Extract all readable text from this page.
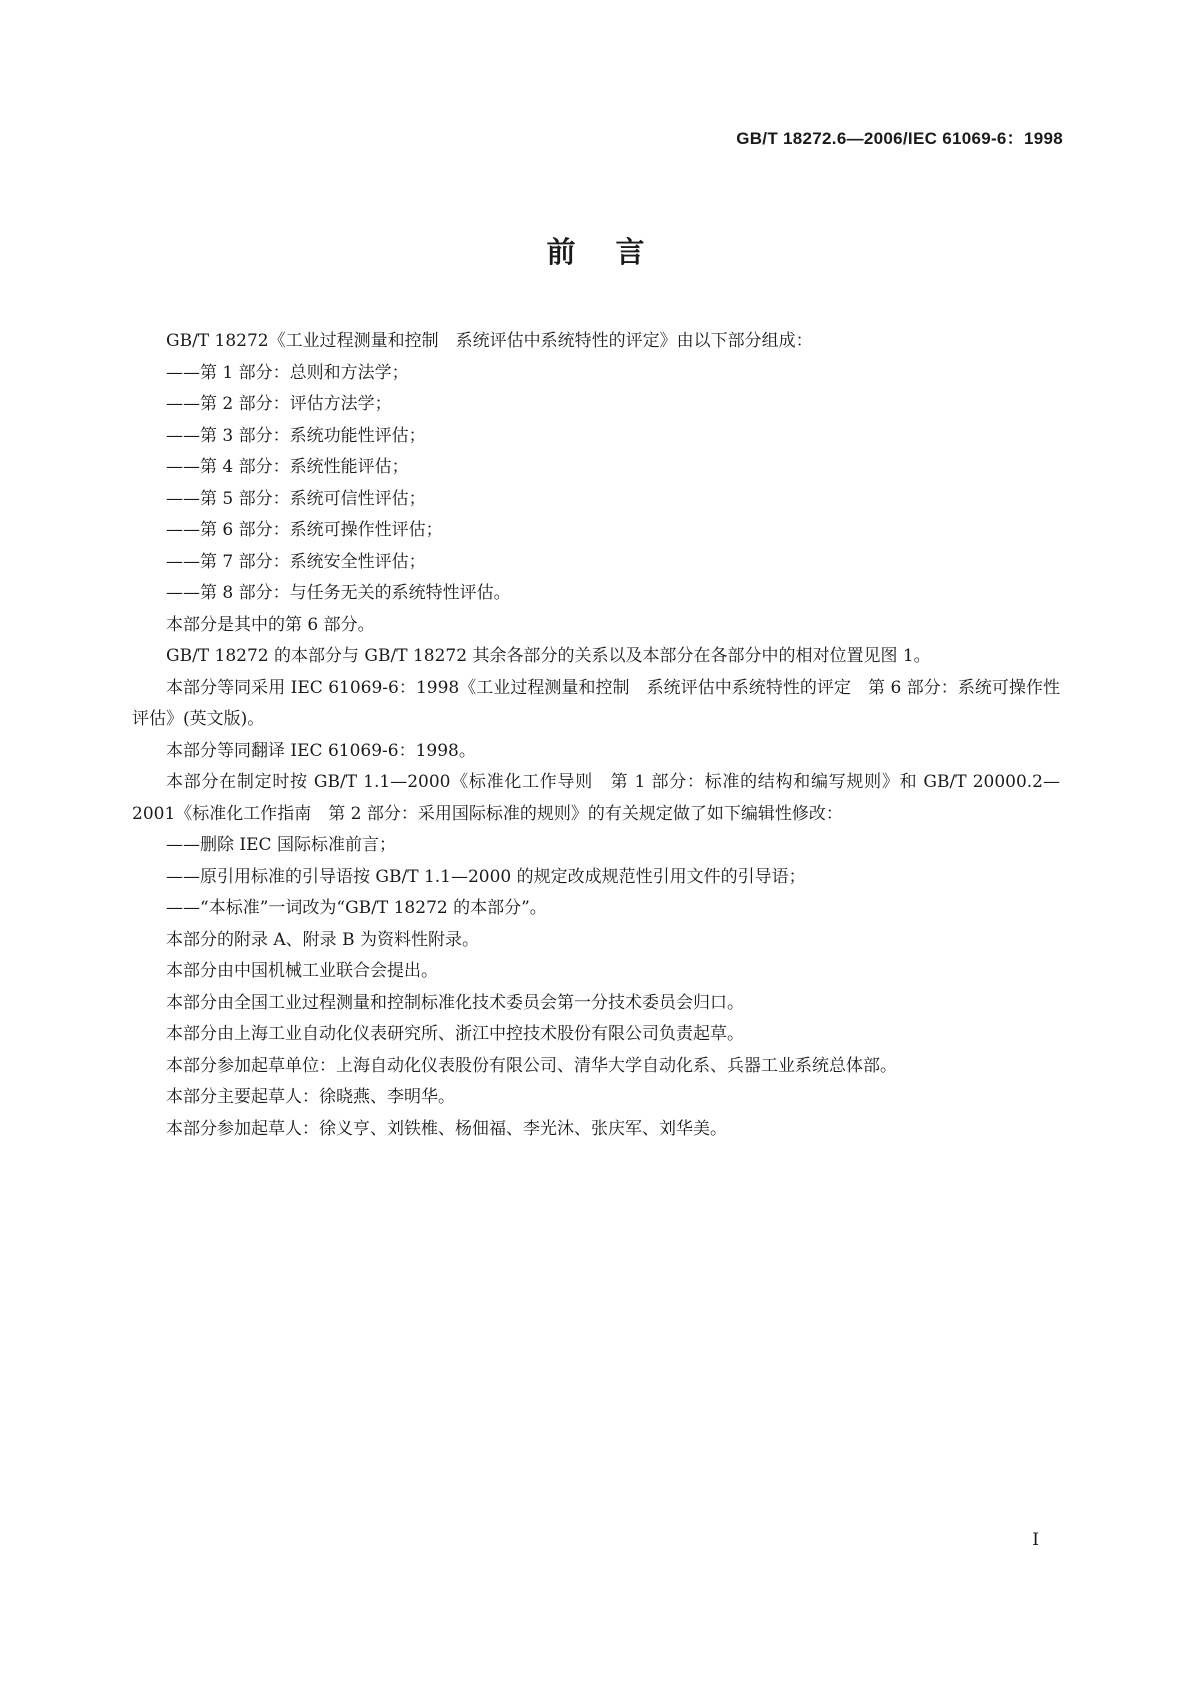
GB/T 18272.6—2006/IEC 61069-6：1998
前言

GB/T 18272《工业过程测量和控制　系统评估中系统特性的评定》由以下部分组成：

——第 1 部分：总则和方法学；

——第 2 部分：评估方法学；

——第 3 部分：系统功能性评估；

——第 4 部分：系统性能评估；

——第 5 部分：系统可信性评估；

——第 6 部分：系统可操作性评估；

——第 7 部分：系统安全性评估；

——第 8 部分：与任务无关的系统特性评估。

本部分是其中的第 6 部分。

GB/T 18272 的本部分与 GB/T 18272 其余各部分的关系以及本部分在各部分中的相对位置见图 1。

本部分等同采用 IEC 61069-6：1998《工业过程测量和控制　系统评估中系统特性的评定　第 6 部分：系统可操作性评估》(英文版)。

本部分等同翻译 IEC 61069-6：1998。

本部分在制定时按 GB/T 1.1—2000《标准化工作导则　第 1 部分：标准的结构和编写规则》和 GB/T 20000.2—2001《标准化工作指南　第 2 部分：采用国际标准的规则》的有关规定做了如下编辑性修改：

——删除 IEC 国际标准前言；

——原引用标准的引导语按 GB/T 1.1—2000 的规定改成规范性引用文件的引导语；

——“本标准”一词改为“GB/T 18272 的本部分”。

本部分的附录 A、附录 B 为资料性附录。

本部分由中国机械工业联合会提出。

本部分由全国工业过程测量和控制标准化技术委员会第一分技术委员会归口。

本部分由上海工业自动化仪表研究所、浙江中控技术股份有限公司负责起草。

本部分参加起草单位：上海自动化仪表股份有限公司、清华大学自动化系、兵器工业系统总体部。

本部分主要起草人：徐晓燕、李明华。

本部分参加起草人：徐义亨、刘铁椎、杨佃福、李光沐、张庆军、刘华美。

I
